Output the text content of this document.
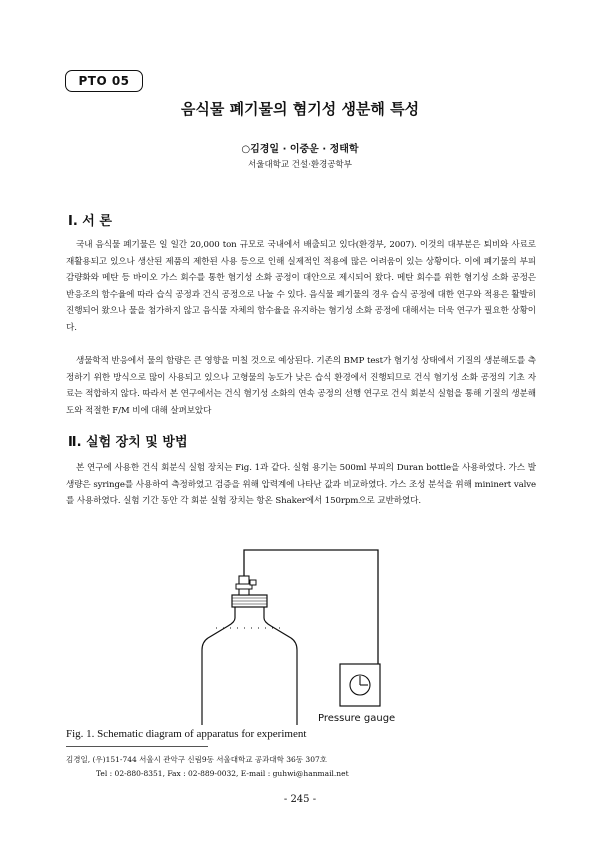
PTO 05
음식물 폐기물의 혐기성 생분해 특성
○김경일 · 이중운 · 정태학
서울대학교 건설·환경공학부
Ⅰ. 서 론

국내 음식물 폐기물은 일 일간 20,000 ton 규모로 국내에서 배출되고 있다(환경부, 2007). 이것의 대부분은 퇴비와 사료로 재활용되고 있으나 생산된 제품의 제한된 사용 등으로 인해 실제적인 적용에 많은 어려움이 있는 상황이다. 이에 폐기물의 부피 감량화와 메탄 등 바이오 가스 회수를 통한 혐기성 소화 공정이 대안으로 제시되어 왔다. 메탄 회수를 위한 혐기성 소화 공정은 반응조의 함수율에 따라 습식 공정과 건식 공정으로 나눌 수 있다. 음식물 폐기물의 경우 습식 공정에 대한 연구와 적용은 활발히 진행되어 왔으나 물을 첨가하지 않고 음식물 자체의 함수율을 유지하는 혐기성 소화 공정에 대해서는 더욱 연구가 필요한 상황이다.

생물학적 반응에서 물의 함량은 큰 영향을 미칠 것으로 예상된다. 기존의 BMP test가 혐기성 상태에서 기질의 생분해도를 측정하기 위한 방식으로 많이 사용되고 있으나 고형물의 농도가 낮은 습식 환경에서 진행되므로 건식 혐기성 소화 공정의 기초 자료는 적합하지 않다. 따라서 본 연구에서는 건식 혐기성 소화의 연속 공정의 선행 연구로 건식 회분식 실험을 통해 기질의 생분해도와 적절한 F/M 비에 대해 살펴보았다

Ⅱ. 실험 장치 및 방법

본 연구에 사용한 건식 회분식 실험 장치는 Fig. 1과 같다. 실험 용기는 500ml 부피의 Duran bottle을 사용하였다. 가스 발생량은 syringe를 사용하여 측정하였고 검증을 위해 압력계에 나타난 값과 비교하였다. 가스 조성 분석을 위해 mininert valve를 사용하였다. 실험 기간 동안 각 회분 실험 장치는 항온 Shaker에서 150rpm으로 교반하였다.

Pressure gauge
Fig. 1. Schematic diagram of apparatus for experiment
김경일, (우)151-744 서울시 관악구 신림9동 서울대학교 공과대학 36동 307호
Tel : 02-880-8351, Fax : 02-889-0032, E-mail : guhwi@hanmail.net
- 245 -
